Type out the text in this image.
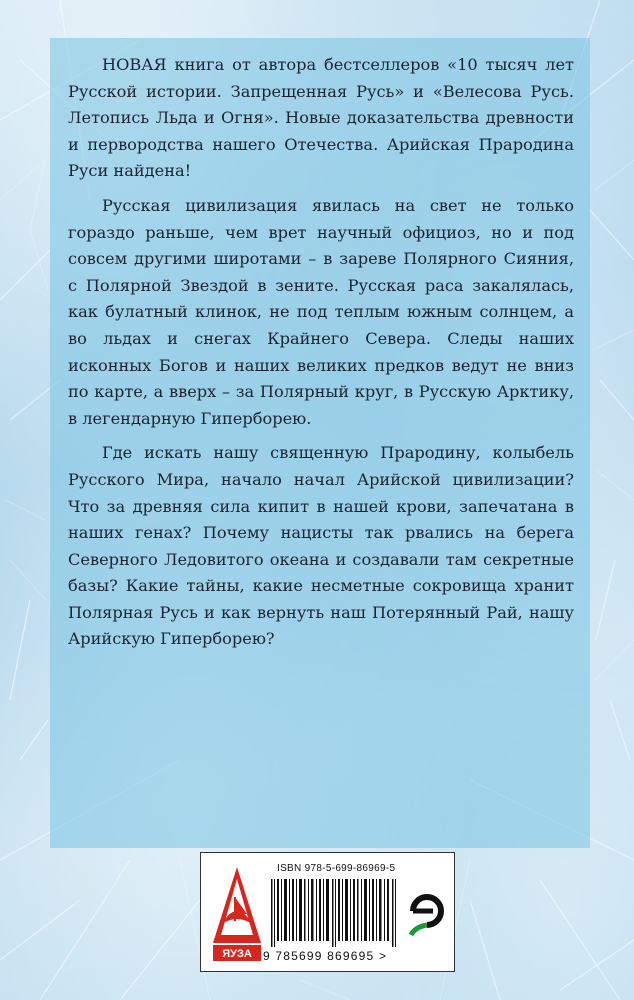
НОВАЯ книга от автора бестселлеров «10 тысяч лет Русской истории. Запрещенная Русь» и «Велесова Русь. Летопись Льда и Огня». Новые доказательства древности и первородства нашего Отечества. Арийская Прародина Руси найдена!

Русская цивилизация явилась на свет не только гораздо раньше, чем врет научный официоз, но и под совсем другими широтами – в зареве Полярного Сияния, с Полярной Звездой в зените. Русская раса закалялась, как булатный клинок, не под теплым южным солнцем, а во льдах и снегах Крайнего Севера. Следы наших исконных Богов и наших великих предков ведут не вниз по карте, а вверх – за Полярный круг, в Русскую Арктику, в легендарную Гиперборею.

Где искать нашу священную Прародину, колыбель Русского Мира, начало начал Арийской цивилизации? Что за древняя сила кипит в нашей крови, запечатана в наших генах? Почему нацисты так рвались на берега Северного Ледовитого океана и создавали там секретные базы? Какие тайны, какие несметные сокровища хранит Полярная Русь и как вернуть наш Потерянный Рай, нашу Арийскую Гиперборею?

ЯУЗА
ISBN 978-5-699-86969-5
9 785699 869695 >
